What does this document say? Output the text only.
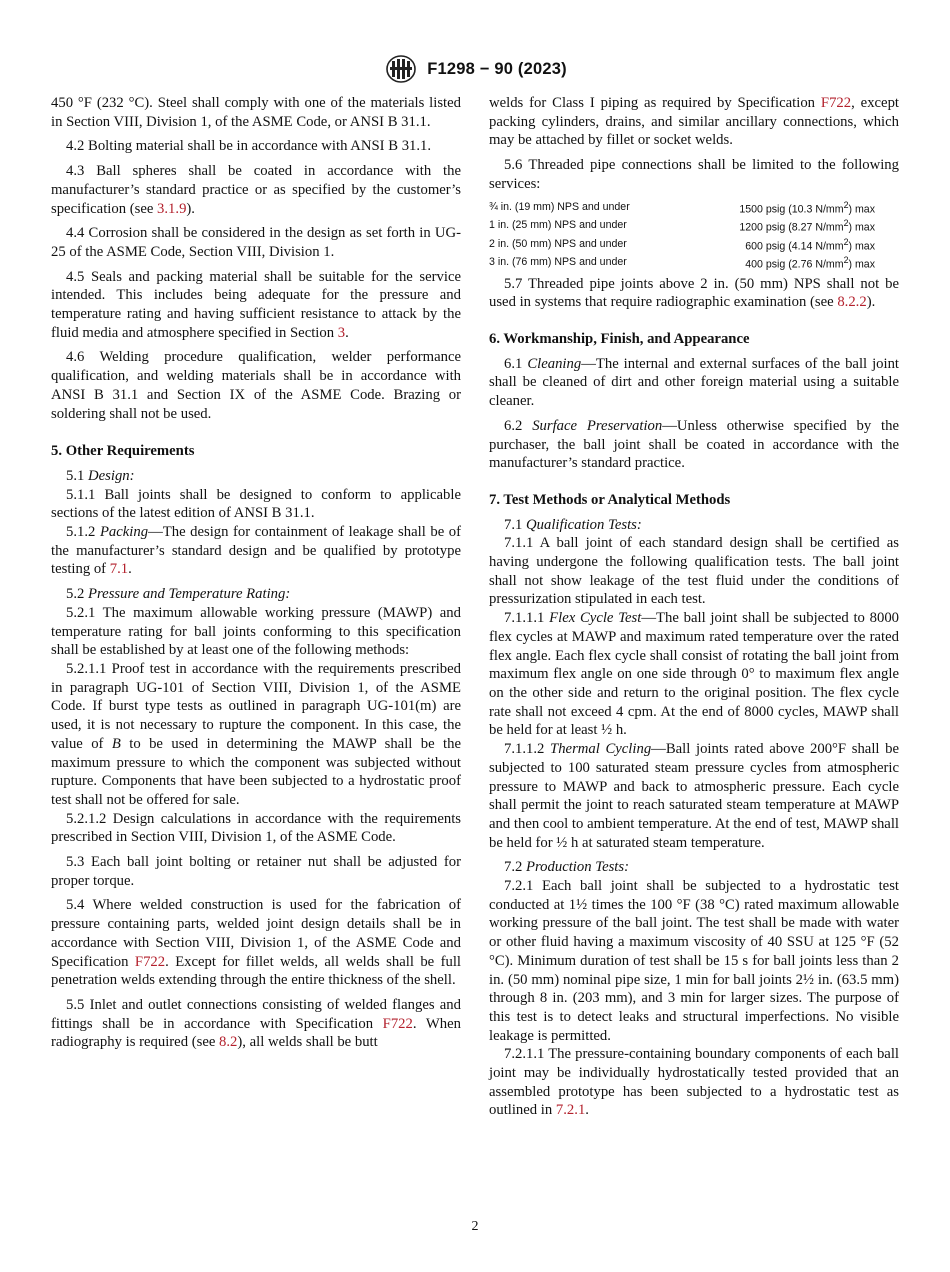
F1298 − 90 (2023)

450 °F (232 °C). Steel shall comply with one of the materials listed in Section VIII, Division 1, of the ASME Code, or ANSI B 31.1.

4.2 Bolting material shall be in accordance with ANSI B 31.1.

4.3 Ball spheres shall be coated in accordance with the manufacturer’s standard practice or as specified by the customer’s specification (see 3.1.9).

4.4 Corrosion shall be considered in the design as set forth in UG-25 of the ASME Code, Section VIII, Division 1.

4.5 Seals and packing material shall be suitable for the service intended. This includes being adequate for the pressure and temperature rating and having sufficient resistance to attack by the fluid media and atmosphere specified in Section 3.

4.6 Welding procedure qualification, welder performance qualification, and welding materials shall be in accordance with ANSI B 31.1 and Section IX of the ASME Code. Brazing or soldering shall not be used.

5. Other Requirements

5.1 Design:

5.1.1 Ball joints shall be designed to conform to applicable sections of the latest edition of ANSI B 31.1.

5.1.2 Packing—The design for containment of leakage shall be of the manufacturer’s standard design and be qualified by prototype testing of 7.1.

5.2 Pressure and Temperature Rating:

5.2.1 The maximum allowable working pressure (MAWP) and temperature rating for ball joints conforming to this specification shall be established by at least one of the following methods:

5.2.1.1 Proof test in accordance with the requirements prescribed in paragraph UG-101 of Section VIII, Division 1, of the ASME Code. If burst type tests as outlined in paragraph UG-101(m) are used, it is not necessary to rupture the component. In this case, the value of B to be used in determining the MAWP shall be the maximum pressure to which the component was subjected without rupture. Components that have been subjected to a hydrostatic proof test shall not be offered for sale.

5.2.1.2 Design calculations in accordance with the requirements prescribed in Section VIII, Division 1, of the ASME Code.

5.3 Each ball joint bolting or retainer nut shall be adjusted for proper torque.

5.4 Where welded construction is used for the fabrication of pressure containing parts, welded joint design details shall be in accordance with Section VIII, Division 1, of the ASME Code and Specification F722. Except for fillet welds, all welds shall be full penetration welds extending through the entire thickness of the shell.

5.5 Inlet and outlet connections consisting of welded flanges and fittings shall be in accordance with Specification F722. When radiography is required (see 8.2), all welds shall be butt

welds for Class I piping as required by Specification F722, except packing cylinders, drains, and similar ancillary connections, which may be attached by fillet or socket welds.

5.6 Threaded pipe connections shall be limited to the following services:

¾ in. (19 mm) NPS and under	1500 psig (10.3 $N/mm^2$) max
1 in. (25 mm) NPS and under	1200 psig (8.27 $N/mm^2$) max
2 in. (50 mm) NPS and under	600 psig (4.14 $N/mm^2$) max
3 in. (76 mm) NPS and under	400 psig (2.76 $N/mm^2$) max

5.7 Threaded pipe joints above 2 in. (50 mm) NPS shall not be used in systems that require radiographic examination (see 8.2.2).

6. Workmanship, Finish, and Appearance

6.1 Cleaning—The internal and external surfaces of the ball joint shall be cleaned of dirt and other foreign material using a suitable cleaner.

6.2 Surface Preservation—Unless otherwise specified by the purchaser, the ball joint shall be coated in accordance with the manufacturer’s standard practice.

7. Test Methods or Analytical Methods

7.1 Qualification Tests:

7.1.1 A ball joint of each standard design shall be certified as having undergone the following qualification tests. The ball joint shall not show leakage of the test fluid under the conditions of pressurization stipulated in each test.

7.1.1.1 Flex Cycle Test—The ball joint shall be subjected to 8000 flex cycles at MAWP and maximum rated temperature over the rated flex angle. Each flex cycle shall consist of rotating the ball joint from maximum flex angle on one side through 0° to maximum flex angle on the other side and return to the original position. The flex cycle rate shall not exceed 4 cpm. At the end of 8000 cycles, MAWP shall be held for at least ½ h.

7.1.1.2 Thermal Cycling—Ball joints rated above 200°F shall be subjected to 100 saturated steam pressure cycles from atmospheric pressure to MAWP and back to atmospheric pressure. Each cycle shall permit the joint to reach saturated steam temperature at MAWP and then cool to ambient temperature. At the end of test, MAWP shall be held for ½ h at saturated steam temperature.

7.2 Production Tests:

7.2.1 Each ball joint shall be subjected to a hydrostatic test conducted at 1½ times the 100 °F (38 °C) rated maximum allowable working pressure of the ball joint. The test shall be made with water or other fluid having a maximum viscosity of 40 SSU at 125 °F (52 °C). Minimum duration of test shall be 15 s for ball joints less than 2 in. (50 mm) nominal pipe size, 1 min for ball joints 2½ in. (63.5 mm) through 8 in. (203 mm), and 3 min for larger sizes. The purpose of this test is to detect leaks and structural imperfections. No visible leakage is permitted.

7.2.1.1 The pressure-containing boundary components of each ball joint may be individually hydrostatically tested provided that an assembled prototype has been subjected to a hydrostatic test as outlined in 7.2.1.

2
